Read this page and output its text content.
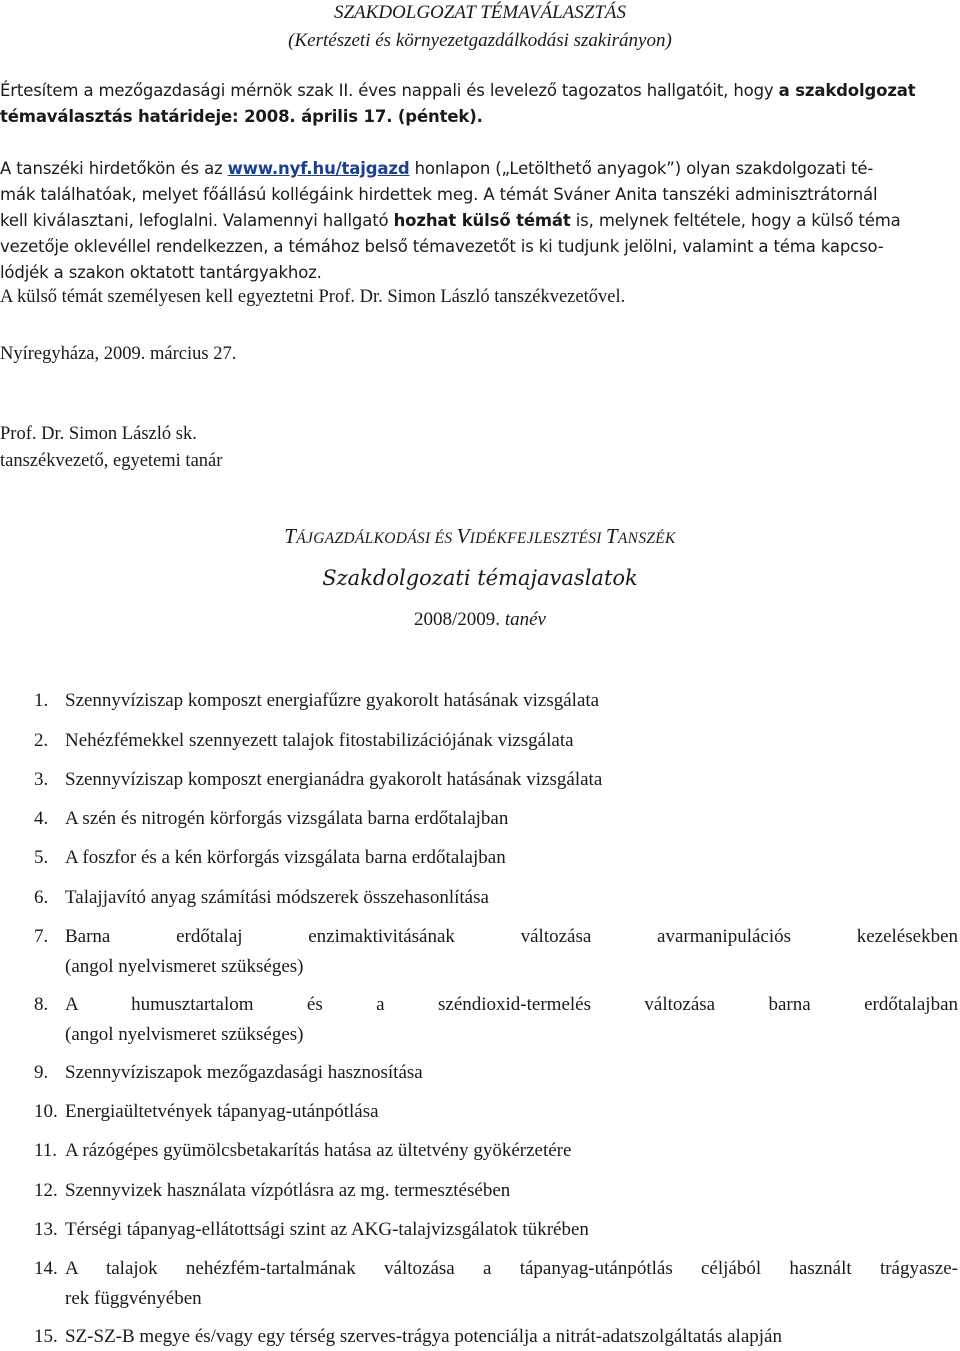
SZAKDOLGOZAT TÉMAVÁLASZTÁS
(Kertészeti és környezetgazdálkodási szakirányon)
Értesítem a mezőgazdasági mérnök szak II. éves nappali és levelező tagozatos hallgatóit, hogy a szakdolgozat
témaválasztás határideje: 2008. április 17. (péntek).
A tanszéki hirdetőkön és az www.nyf.hu/tajgazd honlapon („Letölthető anyagok”) olyan szakdolgozati té-
mák találhatóak, melyet főállású kollégáink hirdettek meg. A témát Sváner Anita tanszéki adminisztrátornál
kell kiválasztani, lefoglalni. Valamennyi hallgató hozhat külső témát is, melynek feltétele, hogy a külső téma
vezetője oklevéllel rendelkezzen, a témához belső témavezetőt is ki tudjunk jelölni, valamint a téma kapcso-
lódjék a szakon oktatott tantárgyakhoz.
A külső témát személyesen kell egyeztetni Prof. Dr. Simon László tanszékvezetővel.
Nyíregyháza, 2009. március 27.
Prof. Dr. Simon László sk.
tanszékvezető, egyetemi tanár
TÁJGAZDÁLKODÁSI ÉS VIDÉKFEJLESZTÉSI TANSZÉK
Szakdolgozati témajavaslatok
2008/2009. tanév
1. Szennyvíziszap komposzt energiafűzre gyakorolt hatásának vizsgálata
2. Nehézfémekkel szennyezett talajok fitostabilizációjának vizsgálata
3. Szennyvíziszap komposzt energianádra gyakorolt hatásának vizsgálata
4. A szén és nitrogén körforgás vizsgálata barna erdőtalajban
5. A foszfor és a kén körforgás vizsgálata barna erdőtalajban
6. Talajjavító anyag számítási módszerek összehasonlítása
7. Barna erdőtalaj enzimaktivitásának változása avarmanipulációs kezelésekben
(angol nyelvismeret szükséges)
8. A humusztartalom és a széndioxid-termelés változása barna erdőtalajban
(angol nyelvismeret szükséges)
9. Szennyvíziszapok mezőgazdasági hasznosítása
10. Energiaültetvények tápanyag-utánpótlása
11. A rázógépes gyümölcsbetakarítás hatása az ültetvény gyökérzetére
12. Szennyvizek használata vízpótlásra az mg. termesztésében
13. Térségi tápanyag-ellátottsági szint az AKG-talajvizsgálatok tükrében
14. A talajok nehézfém-tartalmának változása a tápanyag-utánpótlás céljából használt trágyasze-
rek függvényében
15. SZ-SZ-B megye és/vagy egy térség szerves-trágya potenciálja a nitrát-adatszolgáltatás alapján
